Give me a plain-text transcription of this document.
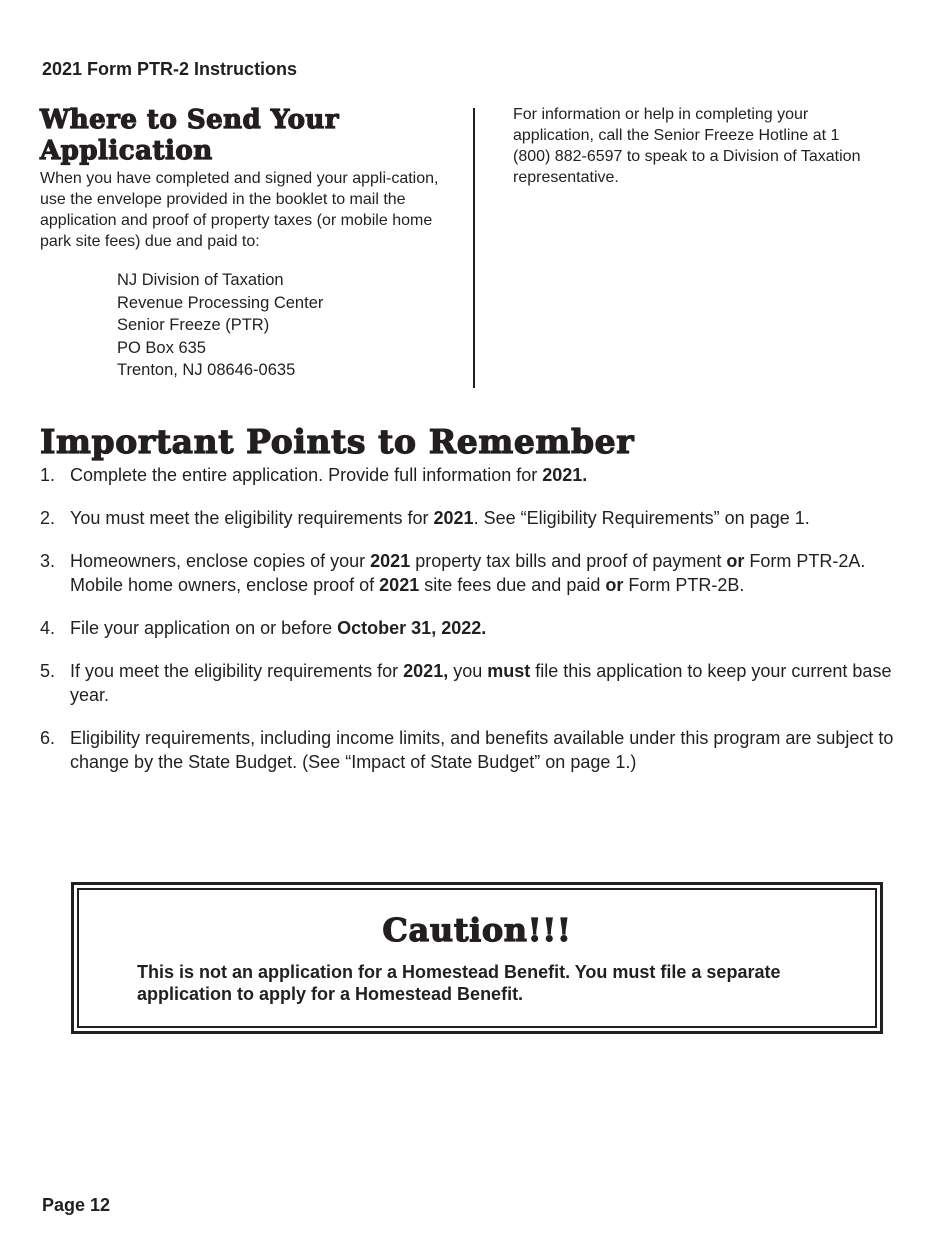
2021 Form PTR-2 Instructions

Where to Send Your Application

When you have completed and signed your appli-cation, use the envelope provided in the booklet to mail the application and proof of property taxes (or mobile home park site fees) due and paid to:

NJ Division of Taxation
Revenue Processing Center
Senior Freeze (PTR)
PO Box 635
Trenton, NJ 08646-0635

For information or help in completing your application, call the Senior Freeze Hotline at 1 (800) 882-6597 to speak to a Division of Taxation representative.

Important Points to Remember
1. Complete the entire application. Provide full information for 2021.
2. You must meet the eligibility requirements for 2021. See “Eligibility Requirements” on page 1.
3. Homeowners, enclose copies of your 2021 property tax bills and proof of payment or Form PTR-2A. Mobile home owners, enclose proof of 2021 site fees due and paid or Form PTR-2B.
4. File your application on or before October 31, 2022.
5. If you meet the eligibility requirements for 2021, you must file this application to keep your current base year.
6. Eligibility requirements, including income limits, and benefits available under this program are subject to change by the State Budget. (See “Impact of State Budget” on page 1.)
Caution!!!

This is not an application for a Homestead Benefit. You must file a separate application to apply for a Homestead Benefit.

Page 12
